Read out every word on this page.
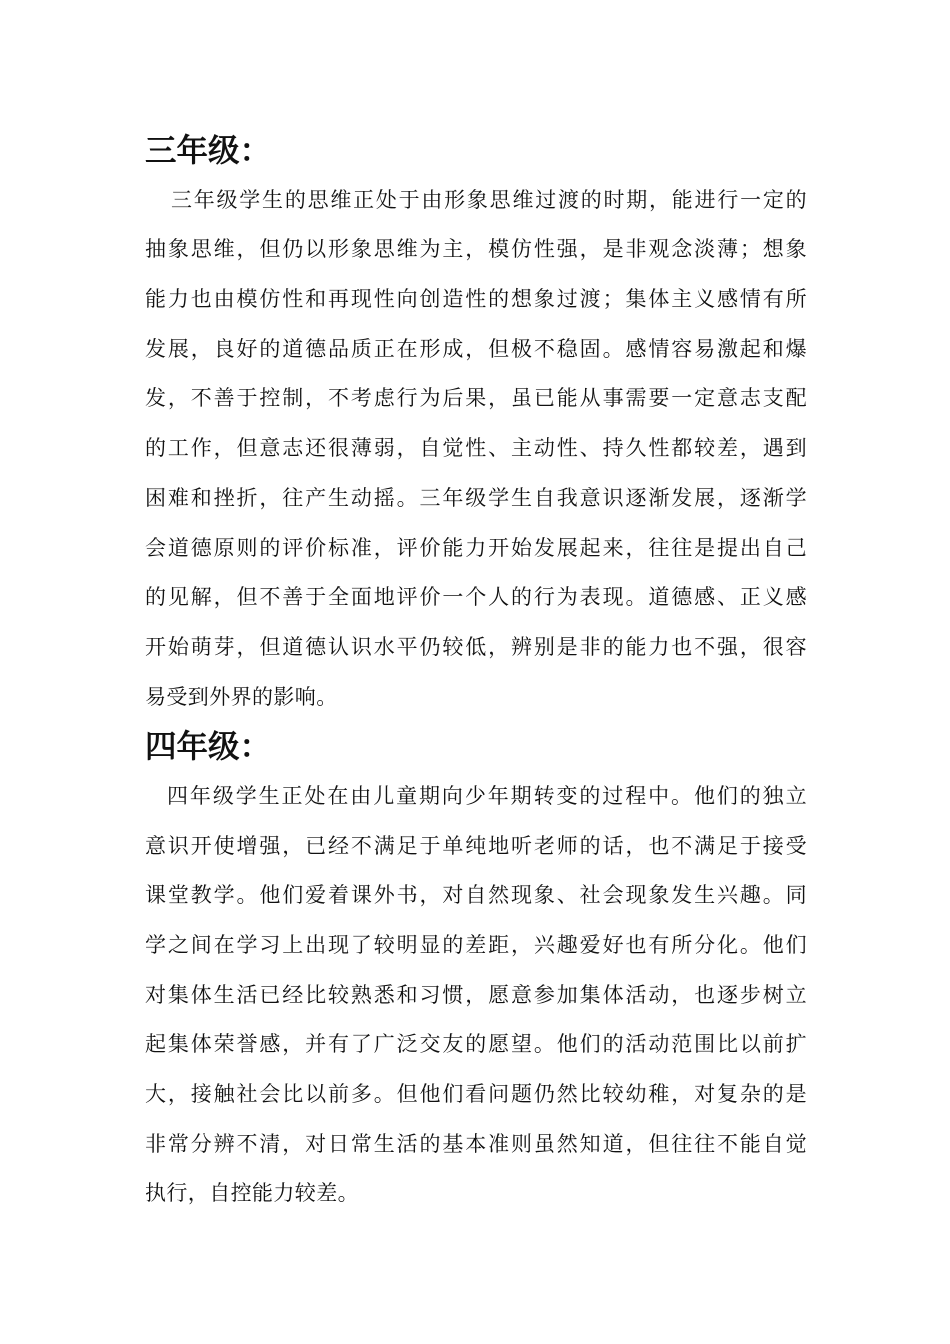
三年级：

三年级学生的思维正处于由形象思维过渡的时期，能进行一定的
抽象思维，但仍以形象思维为主，模仿性强，是非观念淡薄；想象
能力也由模仿性和再现性向创造性的想象过渡；集体主义感情有所
发展，良好的道德品质正在形成，但极不稳固。感情容易激起和爆
发，不善于控制，不考虑行为后果，虽已能从事需要一定意志支配
的工作，但意志还很薄弱，自觉性、主动性、持久性都较差，遇到
困难和挫折，往产生动摇。三年级学生自我意识逐渐发展，逐渐学
会道德原则的评价标准，评价能力开始发展起来，往往是提出自己
的见解，但不善于全面地评价一个人的行为表现。道德感、正义感
开始萌芽，但道德认识水平仍较低，辨别是非的能力也不强，很容
易受到外界的影响。

四年级：

四年级学生正处在由儿童期向少年期转变的过程中。他们的独立
意识开使增强，已经不满足于单纯地听老师的话，也不满足于接受
课堂教学。他们爱着课外书，对自然现象、社会现象发生兴趣。同
学之间在学习上出现了较明显的差距，兴趣爱好也有所分化。他们
对集体生活已经比较熟悉和习惯，愿意参加集体活动，也逐步树立
起集体荣誉感，并有了广泛交友的愿望。他们的活动范围比以前扩
大，接触社会比以前多。但他们看问题仍然比较幼稚，对复杂的是
非常分辨不清，对日常生活的基本准则虽然知道，但往往不能自觉
执行，自控能力较差。
